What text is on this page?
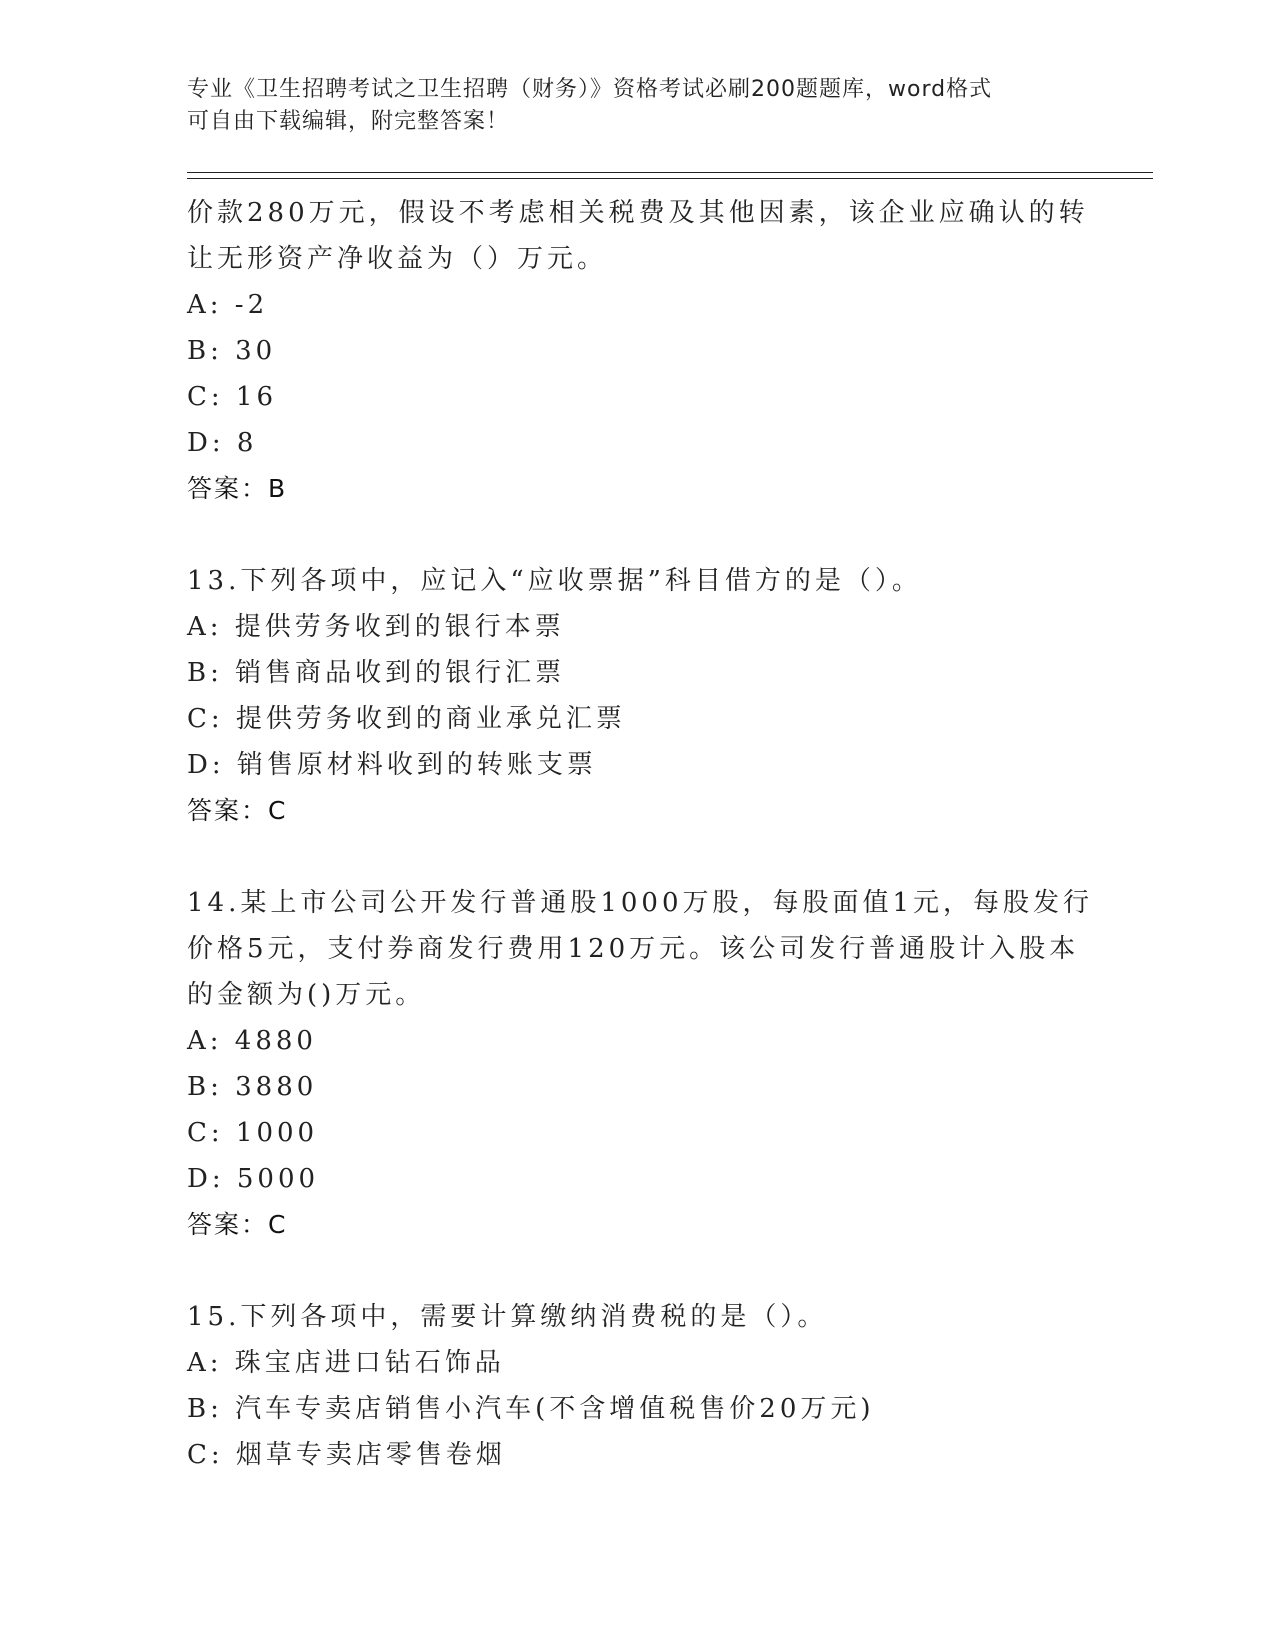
专业《卫生招聘考试之卫生招聘（财务）》资格考试必刷200题题库，word格式
可自由下载编辑，附完整答案！
价款280万元，假设不考虑相关税费及其他因素，该企业应确认的转
让无形资产净收益为（）万元。
A: -2
B: 30
C: 16
D: 8
答案：B
13.下列各项中，应记入“应收票据”科目借方的是（）。
A: 提供劳务收到的银行本票
B: 销售商品收到的银行汇票
C: 提供劳务收到的商业承兑汇票
D: 销售原材料收到的转账支票
答案：C
14.某上市公司公开发行普通股1000万股，每股面值1元，每股发行
价格5元，支付券商发行费用120万元。该公司发行普通股计入股本
的金额为()万元。
A: 4880
B: 3880
C: 1000
D: 5000
答案：C
15.下列各项中，需要计算缴纳消费税的是（）。
A: 珠宝店进口钻石饰品
B: 汽车专卖店销售小汽车(不含增值税售价20万元)
C: 烟草专卖店零售卷烟
